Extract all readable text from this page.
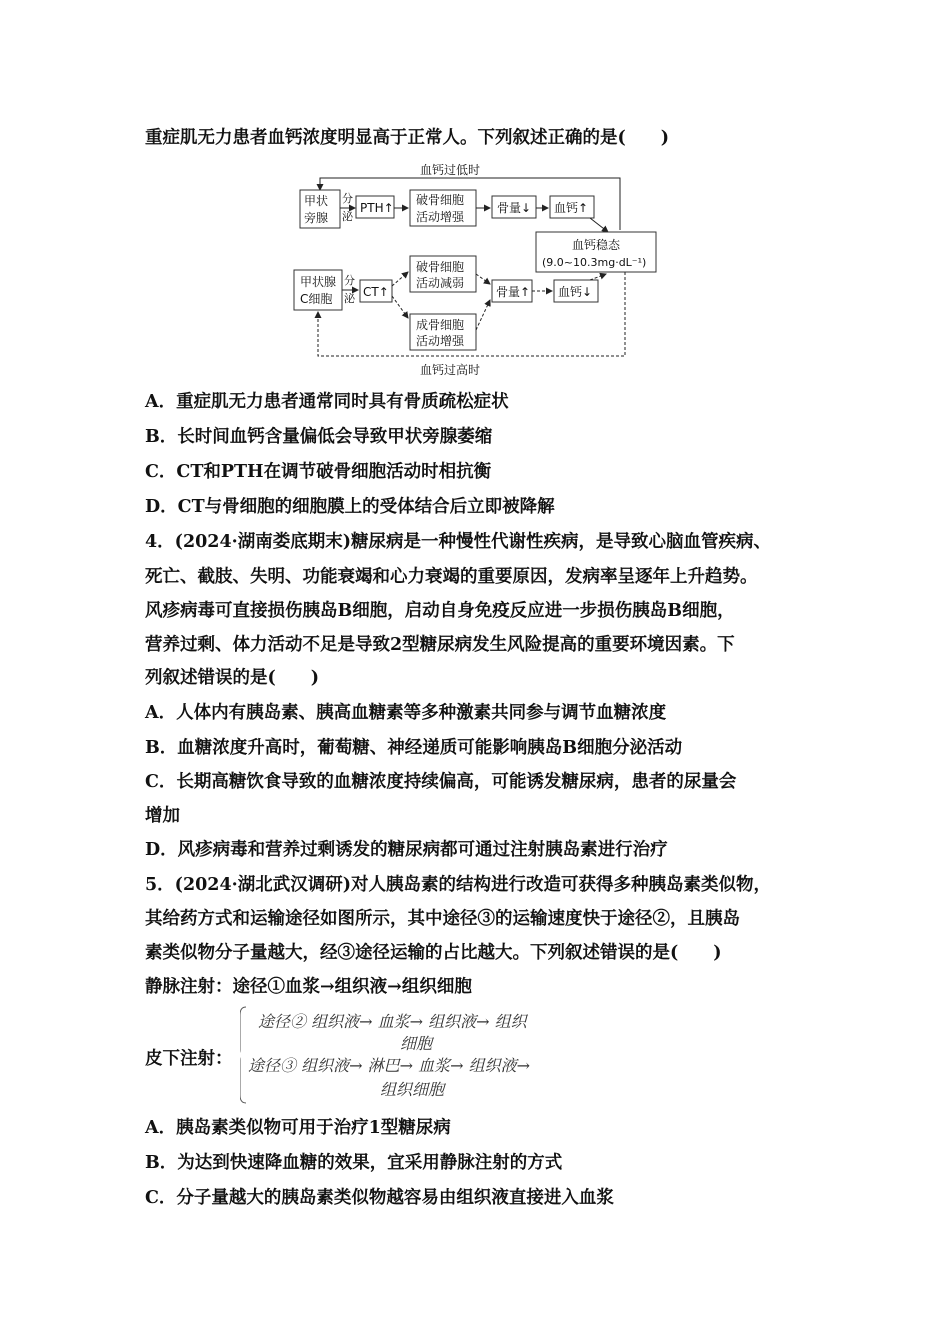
重症肌无力患者血钙浓度明显高于正常人。下列叙述正确的是(　　)
血钙过低时
甲状
旁腺
分
泌
PTH↑
破骨细胞
活动增强
骨量↓ 血钙↑
血钙稳态
(9.0~10.3mg·dL⁻¹)
甲状腺
C细胞
分
泌 CT↑
破骨细胞
活动减弱
成骨细胞
活动增强
骨量↑ 血钙↓
血钙过高时
A．重症肌无力患者通常同时具有骨质疏松症状
B．长时间血钙含量偏低会导致甲状旁腺萎缩
C．CT和PTH在调节破骨细胞活动时相抗衡
D．CT与骨细胞的细胞膜上的受体结合后立即被降解
4．(2024·湖南娄底期末)糖尿病是一种慢性代谢性疾病，是导致心脑血管疾病、
死亡、截肢、失明、功能衰竭和心力衰竭的重要原因，发病率呈逐年上升趋势。
风疹病毒可直接损伤胰岛B细胞，启动自身免疫反应进一步损伤胰岛B细胞，
营养过剩、体力活动不足是导致2型糖尿病发生风险提高的重要环境因素。下
列叙述错误的是(　　)
A．人体内有胰岛素、胰高血糖素等多种激素共同参与调节血糖浓度
B．血糖浓度升高时，葡萄糖、神经递质可能影响胰岛B细胞分泌活动
C．长期高糖饮食导致的血糖浓度持续偏高，可能诱发糖尿病，患者的尿量会
增加
D．风疹病毒和营养过剩诱发的糖尿病都可通过注射胰岛素进行治疗
5．(2024·湖北武汉调研)对人胰岛素的结构进行改造可获得多种胰岛素类似物，
其给药方式和运输途径如图所示，其中途径③的运输速度快于途径②，且胰岛
素类似物分子量越大，经③途径运输的占比越大。下列叙述错误的是(　　)
静脉注射：途径①血浆→组织液→组织细胞
皮下注射：
途径② 组织液→ 血浆→ 组织液→ 组织
细胞
途径③ 组织液→ 淋巴→ 血浆→ 组织液→
组织细胞
A．胰岛素类似物可用于治疗1型糖尿病
B．为达到快速降血糖的效果，宜采用静脉注射的方式
C．分子量越大的胰岛素类似物越容易由组织液直接进入血浆
